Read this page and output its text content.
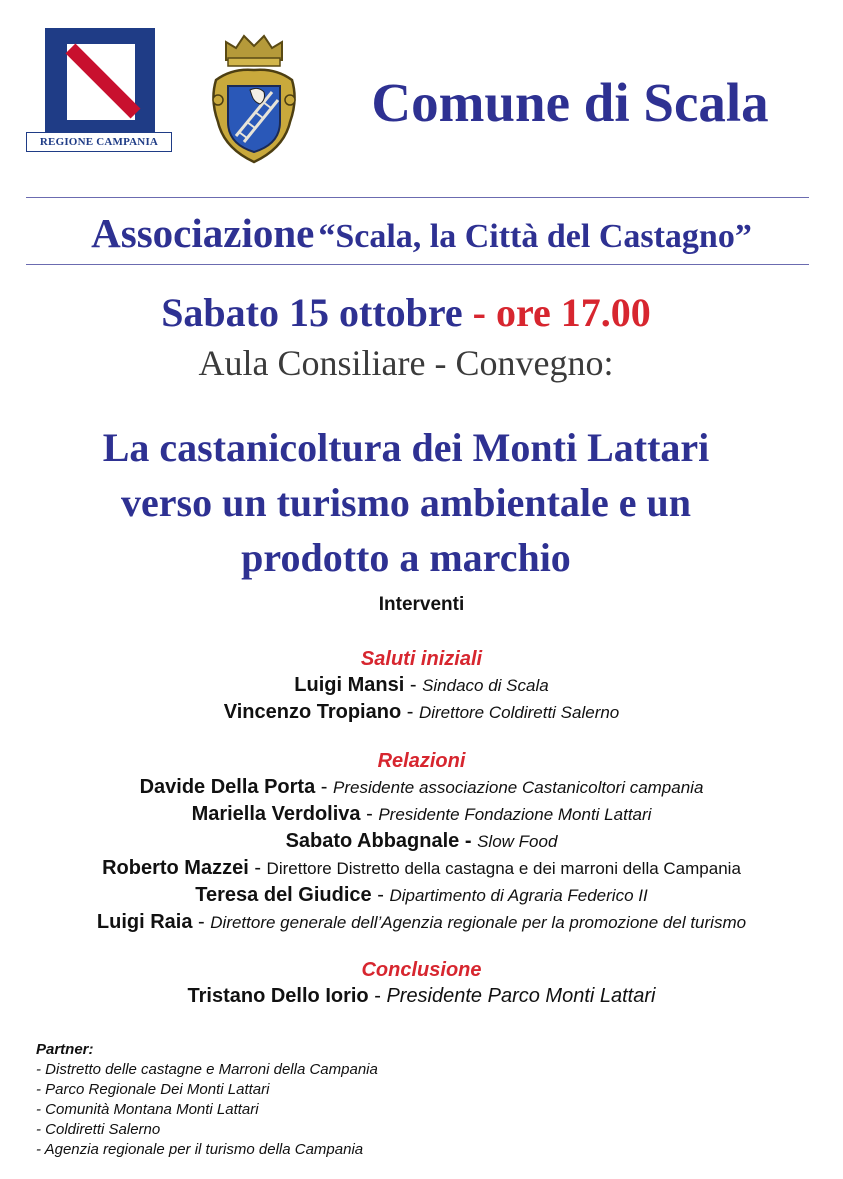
REGIONE CAMPANIA
Comune di Scala
Associazione “Scala, la Città del Castagno”
Sabato 15 ottobre - ore 17.00
Aula Consiliare - Convegno:
La castanicoltura dei Monti Lattari
verso un turismo ambientale e un
prodotto a marchio
Interventi
Saluti iniziali
Luigi Mansi - Sindaco di Scala
Vincenzo Tropiano - Direttore Coldiretti Salerno
Relazioni
Davide Della Porta - Presidente associazione Castanicoltori campania
Mariella Verdoliva - Presidente Fondazione Monti Lattari
Sabato Abbagnale - Slow Food
Roberto Mazzei - Direttore Distretto della castagna e dei marroni della Campania
Teresa del Giudice - Dipartimento di Agraria Federico II
Luigi Raia - Direttore generale dell’Agenzia regionale per la promozione del turismo
Conclusione
Tristano Dello Iorio - Presidente Parco Monti Lattari
Partner:
- Distretto delle castagne e Marroni della Campania
- Parco Regionale Dei Monti Lattari
- Comunità Montana Monti Lattari
- Coldiretti Salerno
- Agenzia regionale per il turismo della Campania
